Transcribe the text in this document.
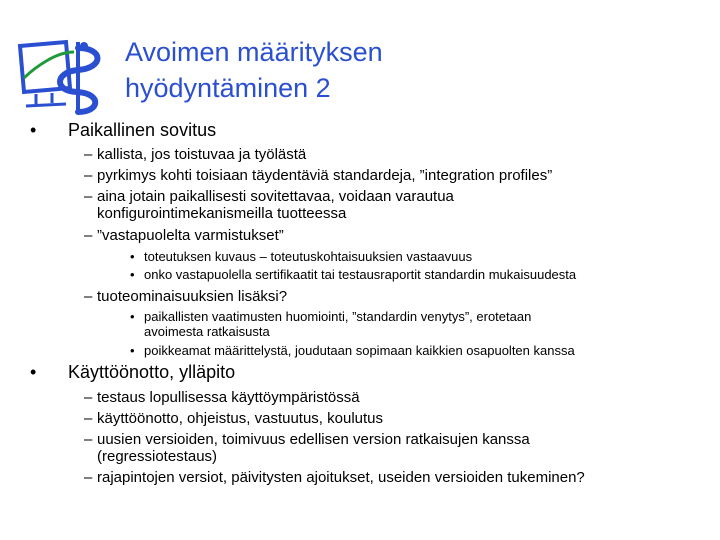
Avoimen määrityksen
hyödyntäminen 2
•	Paikallinen sovitus
– kallista, jos toistuvaa ja työlästä
– pyrkimys kohti toisiaan täydentäviä standardeja, ”integration profiles”
– aina jotain paikallisesti sovitettavaa, voidaan varautua
konfigurointimekanismeilla tuotteessa
– ”vastapuolelta varmistukset”
• toteutuksen kuvaus – toteutuskohtaisuuksien vastaavuus
• onko vastapuolella sertifikaatit tai testausraportit standardin mukaisuudesta
– tuoteominaisuuksien lisäksi?
• paikallisten vaatimusten huomiointi, ”standardin venytys”, erotetaan
avoimesta ratkaisusta
• poikkeamat määrittelystä, joudutaan sopimaan kaikkien osapuolten kanssa
•	Käyttöönotto, ylläpito
– testaus lopullisessa käyttöympäristössä
– käyttöönotto, ohjeistus, vastuutus, koulutus
– uusien versioiden, toimivuus edellisen version ratkaisujen kanssa
(regressiotestaus)
– rajapintojen versiot, päivitysten ajoitukset, useiden versioiden tukeminen?
